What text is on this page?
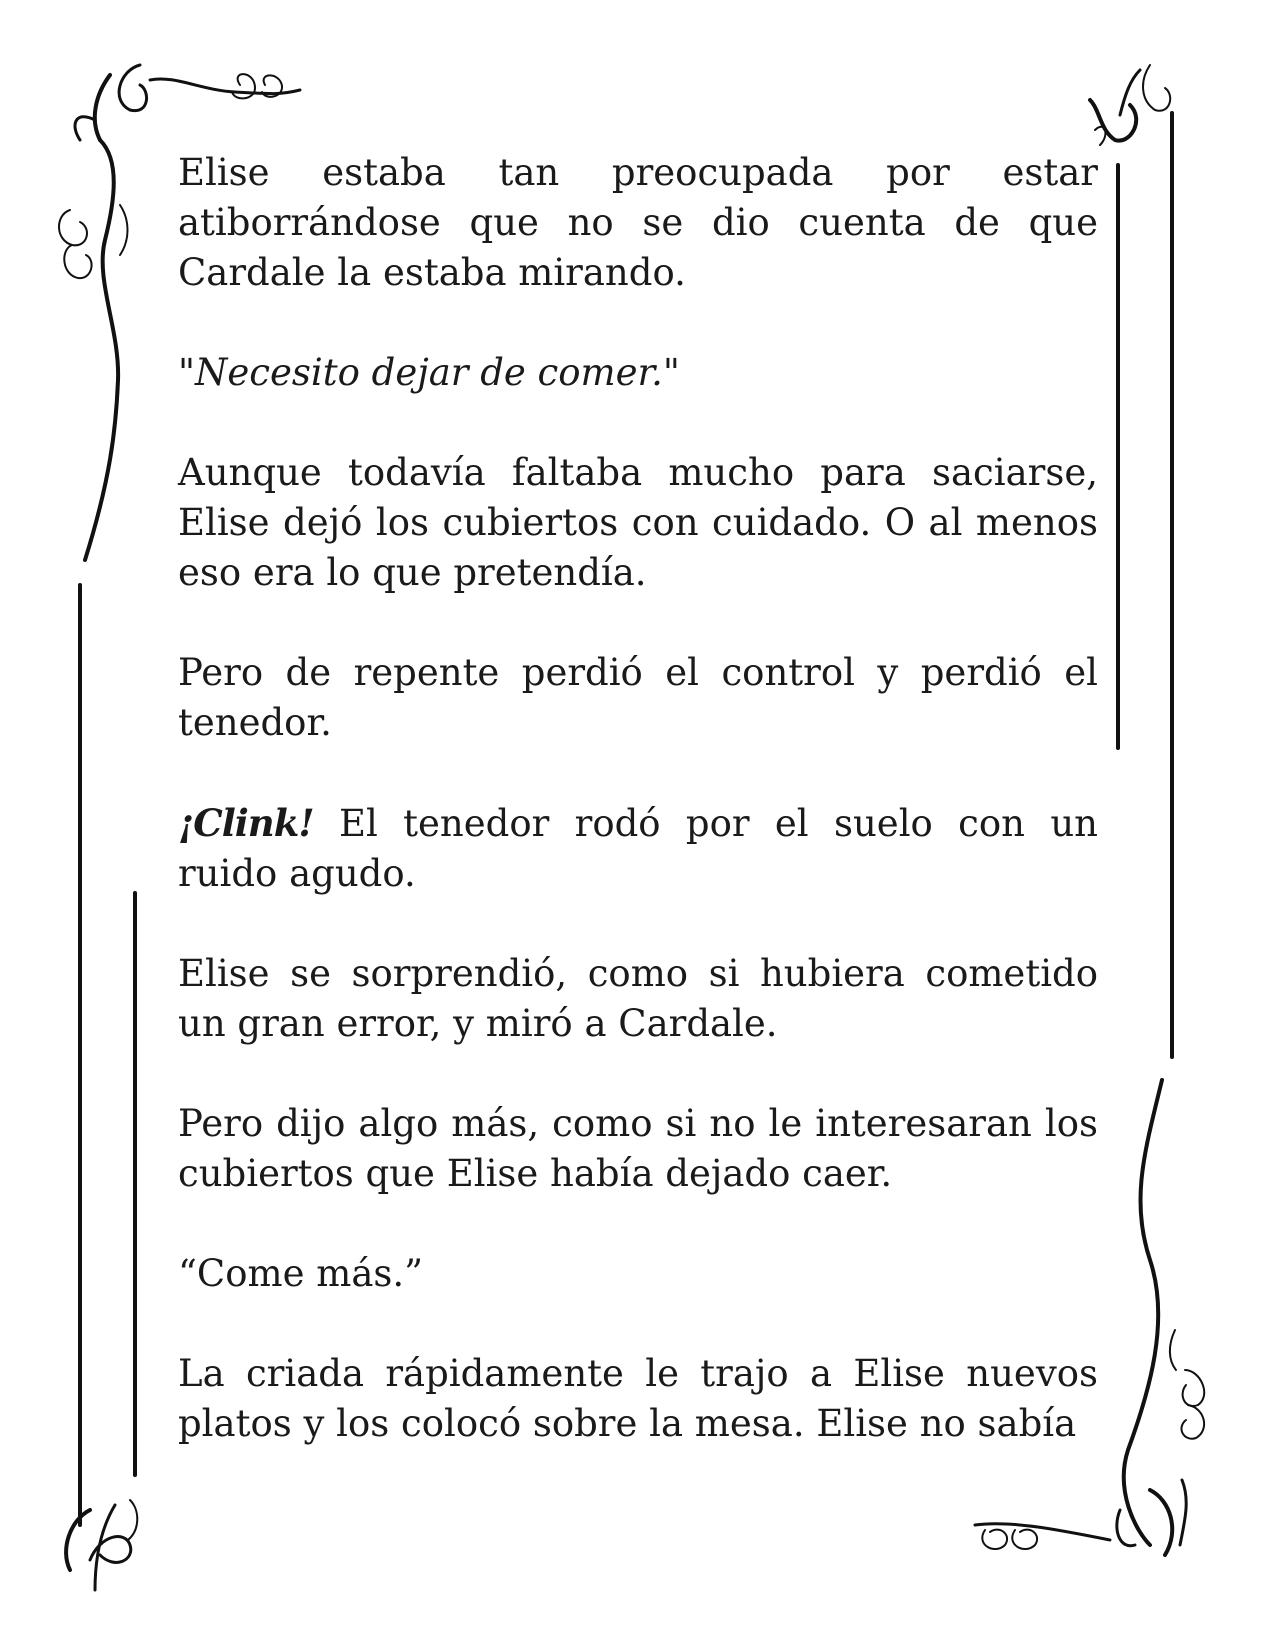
Elise estaba tan preocupada por estar atiborrándose que no se dio cuenta de que Cardale la estaba mirando.

"Necesito dejar de comer."

Aunque todavía faltaba mucho para saciarse, Elise dejó los cubiertos con cuidado. O al menos eso era lo que pretendía.

Pero de repente perdió el control y perdió el tenedor.

¡Clink! El tenedor rodó por el suelo con un ruido agudo.

Elise se sorprendió, como si hubiera cometido un gran error, y miró a Cardale.

Pero dijo algo más, como si no le interesaran los cubiertos que Elise había dejado caer.

“Come más.”

La criada rápidamente le trajo a Elise nuevos platos y los colocó sobre la mesa. Elise no sabía
